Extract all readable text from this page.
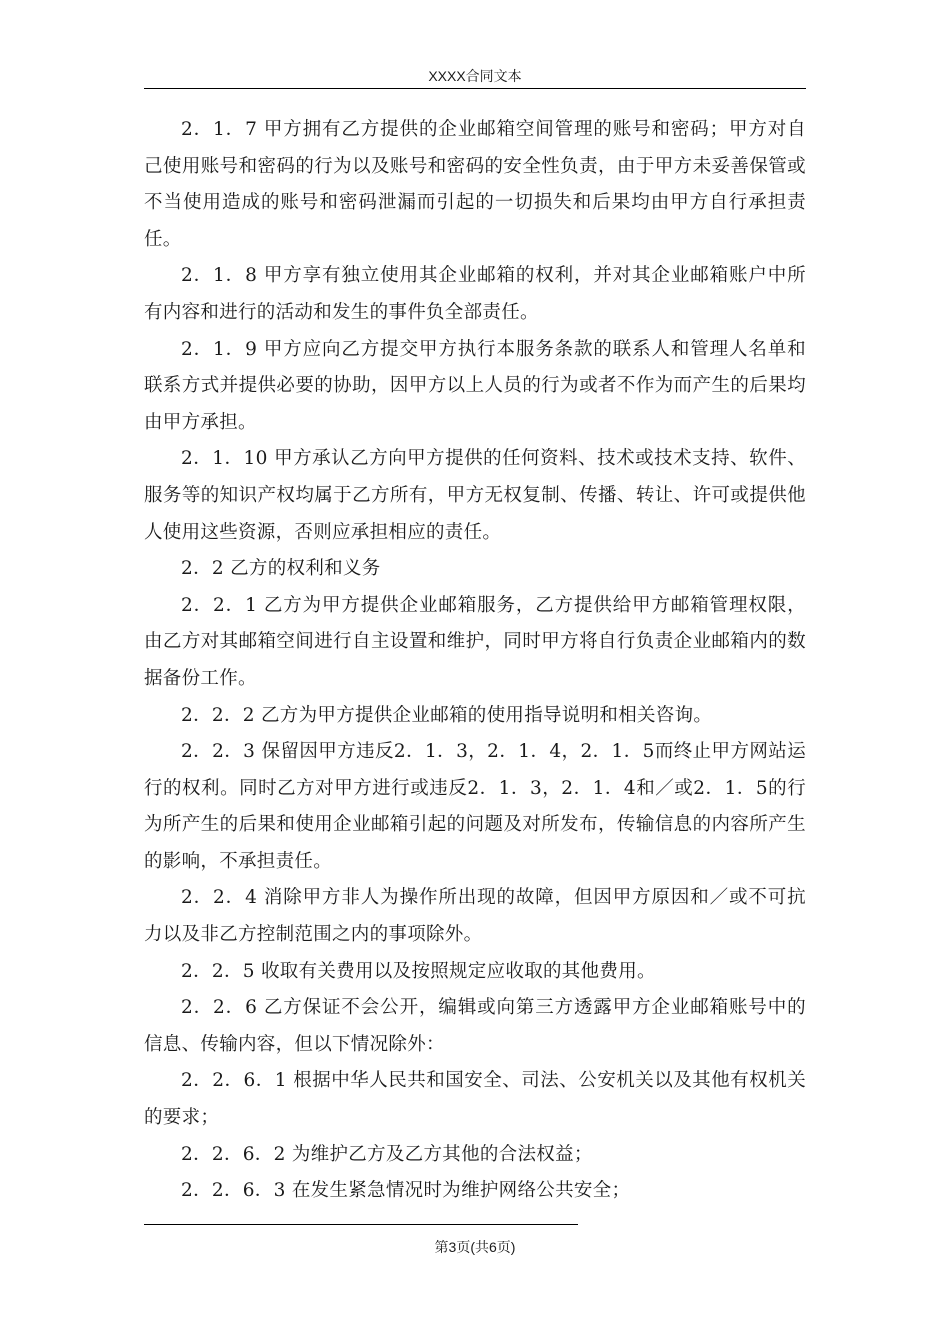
XXXX合同文本

2．1．7 甲方拥有乙方提供的企业邮箱空间管理的账号和密码；甲方对自己使用账号和密码的行为以及账号和密码的安全性负责，由于甲方未妥善保管或不当使用造成的账号和密码泄漏而引起的一切损失和后果均由甲方自行承担责任。

2．1．8 甲方享有独立使用其企业邮箱的权利，并对其企业邮箱账户中所有内容和进行的活动和发生的事件负全部责任。

2．1．9 甲方应向乙方提交甲方执行本服务条款的联系人和管理人名单和联系方式并提供必要的协助，因甲方以上人员的行为或者不作为而产生的后果均由甲方承担。

2．1．10 甲方承认乙方向甲方提供的任何资料、技术或技术支持、软件、服务等的知识产权均属于乙方所有，甲方无权复制、传播、转让、许可或提供他人使用这些资源，否则应承担相应的责任。

2．2 乙方的权利和义务

2．2．1 乙方为甲方提供企业邮箱服务，乙方提供给甲方邮箱管理权限，由乙方对其邮箱空间进行自主设置和维护，同时甲方将自行负责企业邮箱内的数据备份工作。

2．2．2 乙方为甲方提供企业邮箱的使用指导说明和相关咨询。

2．2．3 保留因甲方违反2．1．3，2．1．4，2．1．5而终止甲方网站运行的权利。同时乙方对甲方进行或违反2．1．3，2．1．4和／或2．1．5的行为所产生的后果和使用企业邮箱引起的问题及对所发布，传输信息的内容所产生的影响，不承担责任。

2．2．4 消除甲方非人为操作所出现的故障，但因甲方原因和／或不可抗力以及非乙方控制范围之内的事项除外。

2．2．5 收取有关费用以及按照规定应收取的其他费用。

2．2．6 乙方保证不会公开，编辑或向第三方透露甲方企业邮箱账号中的信息、传输内容，但以下情况除外：

2．2．6．1 根据中华人民共和国安全、司法、公安机关以及其他有权机关的要求；

2．2．6．2 为维护乙方及乙方其他的合法权益；

2．2．6．3 在发生紧急情况时为维护网络公共安全；

第3页(共6页)
